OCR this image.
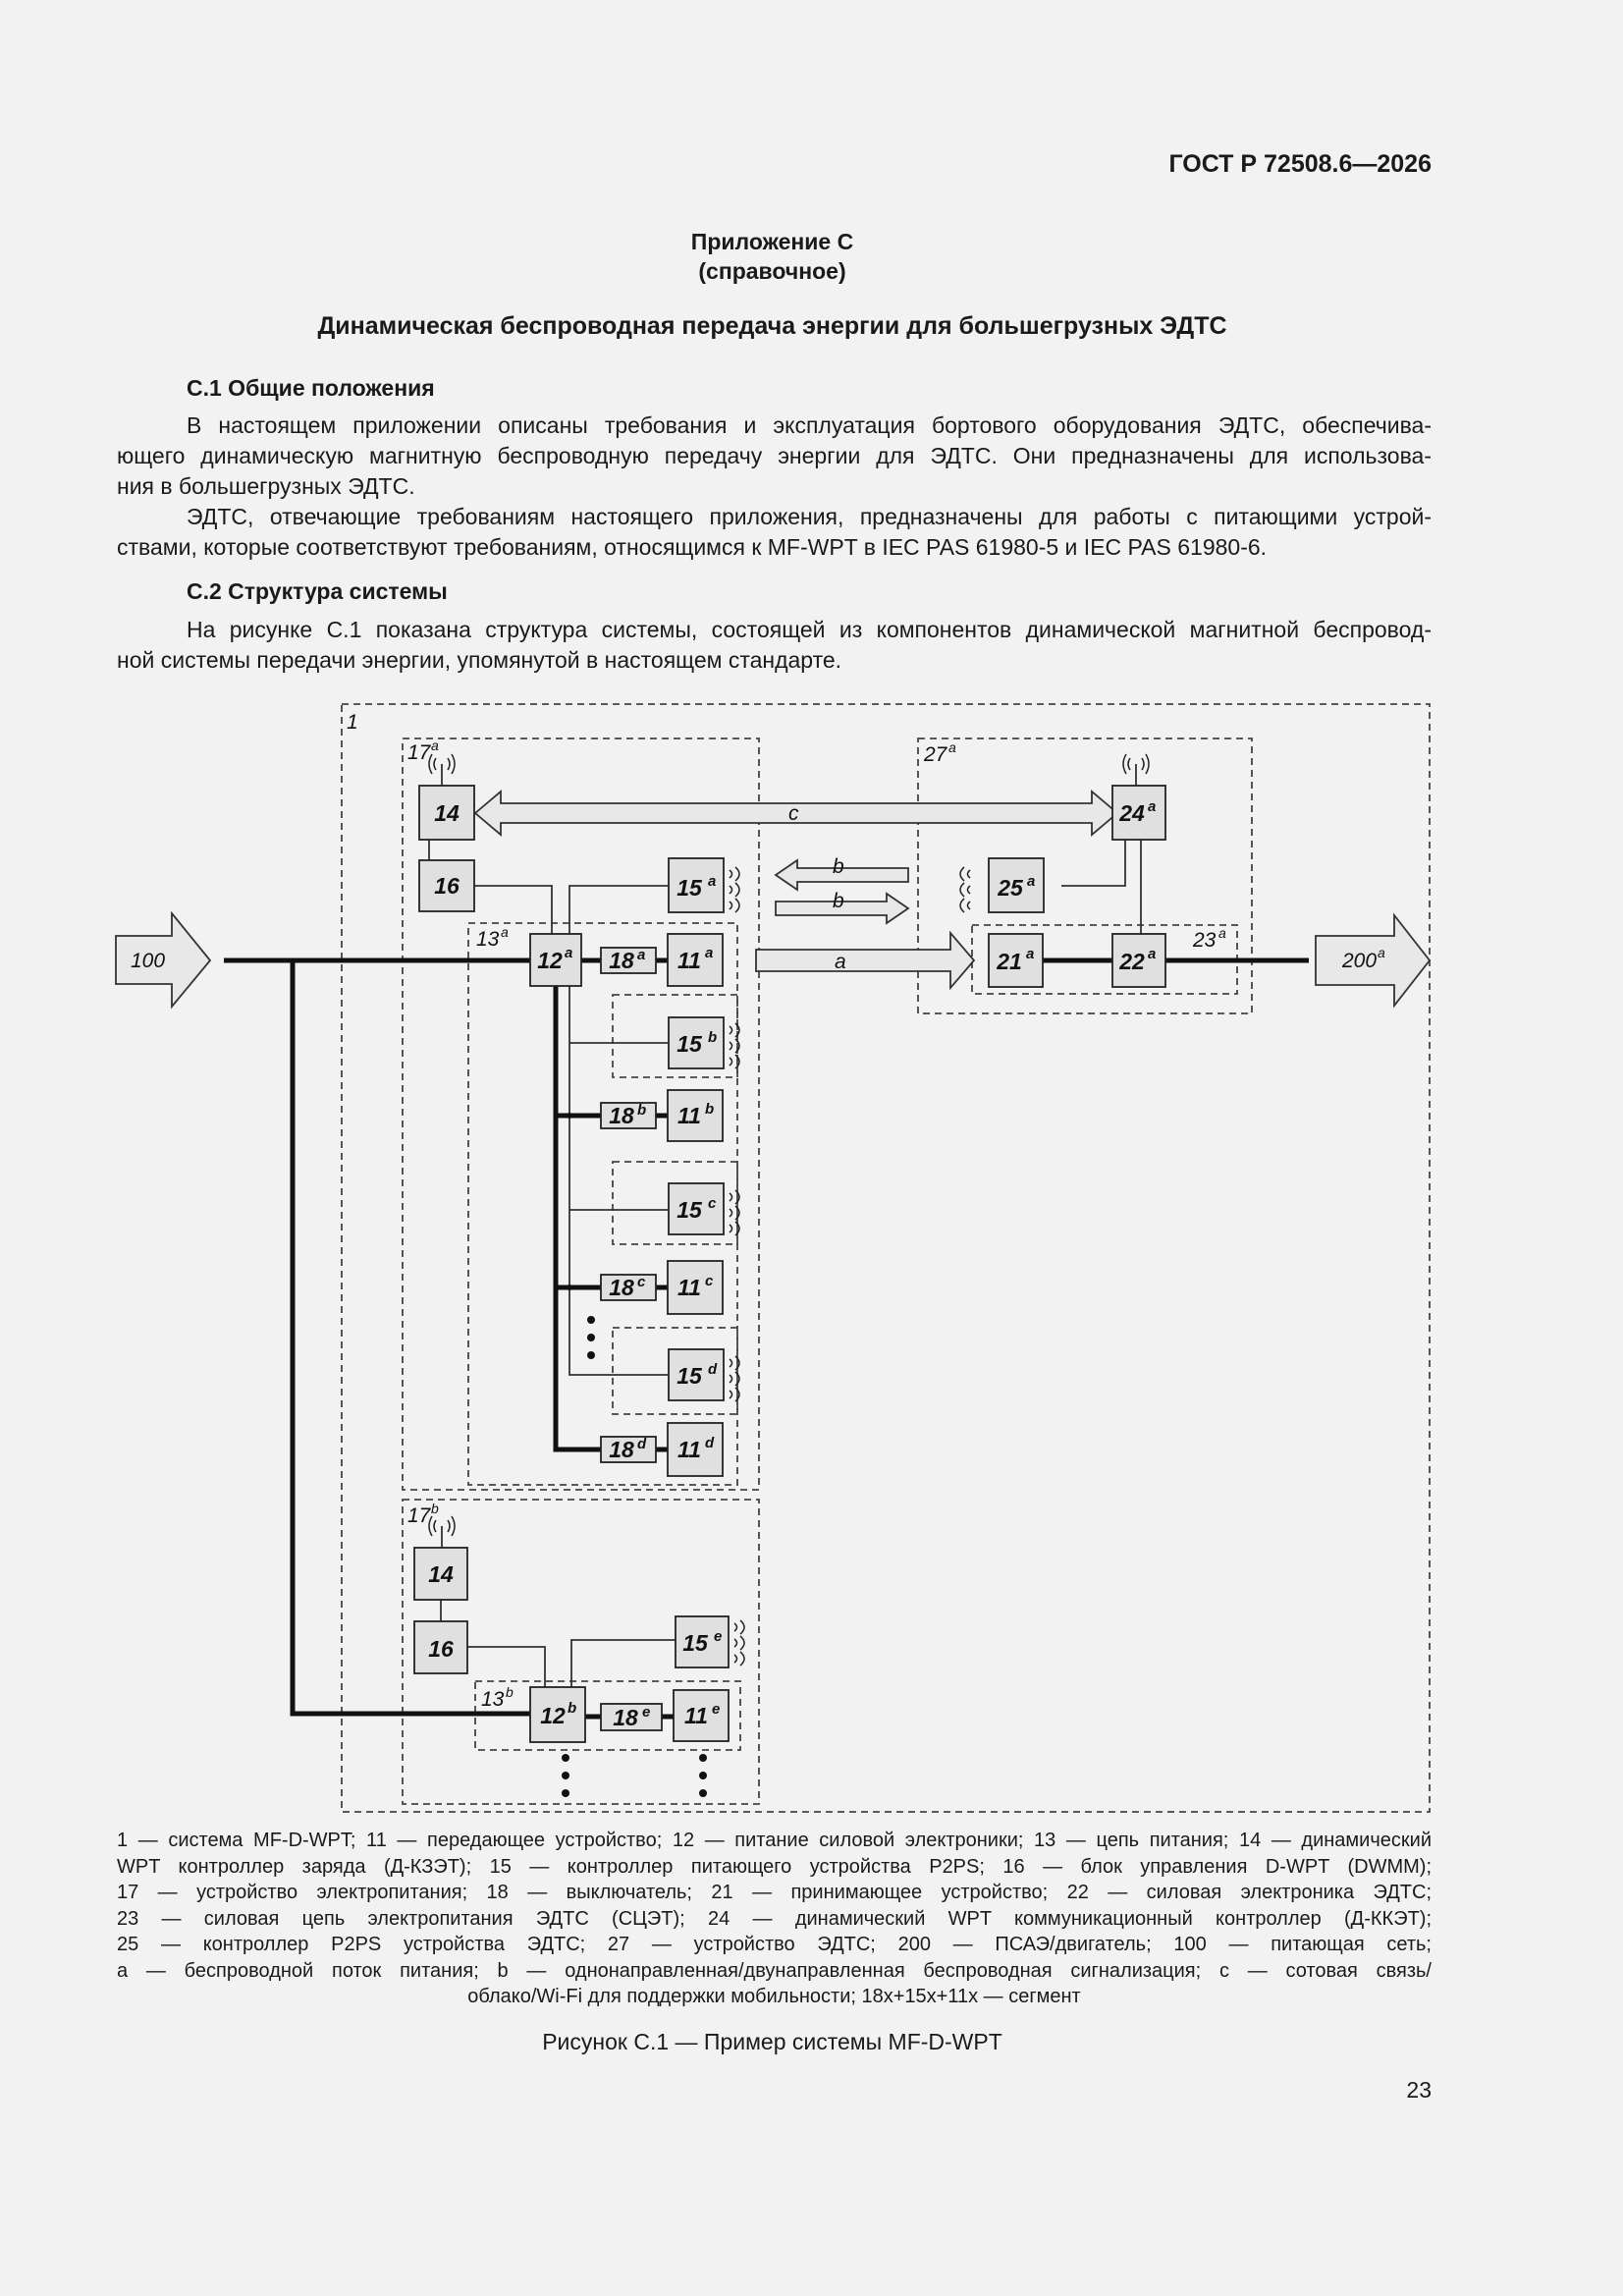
ГОСТ Р 72508.6—2026
Приложение С
(справочное)
Динамическая беспроводная передача энергии для большегрузных ЭДТС
С.1 Общие положения
В настоящем приложении описаны требования и эксплуатация бортового оборудования ЭДТС, обеспечива-
ющего динамическую магнитную беспроводную передачу энергии для ЭДТС. Они предназначены для использова-
ния в большегрузных ЭДТС.
ЭДТС, отвечающие требованиям настоящего приложения, предназначены для работы с питающими устрой-
ствами, которые соответствуют требованиям, относящимся к MF-WPT в IEC PAS 61980-5 и IEC PAS 61980-6.
С.2 Структура системы
На рисунке С.1 показана структура системы, состоящей из компонентов динамической магнитной беспровод-
ной системы передачи энергии, упомянутой в настоящем стандарте.
1
17 a
13 a
17 b
13 b
27 a
23 a
100	200 a
c
b
b
a
14
16	15 a
12 a 18 a 11 a
15 b
18 b 11 b
15 c
18 c 11 c
15 d
18 d 11 d
14
16	15 e
12 b 18 e 11 e
24 a
25 a
21 a	22 a
1 — система MF-D-WPT; 11 — передающее устройство; 12 — питание силовой электроники; 13 — цепь питания; 14 — динамический
WPT контроллер заряда (Д-КЗЭТ); 15 — контроллер питающего устройства P2PS; 16 — блок управления D-WPT (DWMM);
17 — устройство электропитания; 18 — выключатель; 21 — принимающее устройство; 22 — силовая электроника ЭДТС;
23 — силовая цепь электропитания ЭДТС (СЦЭТ); 24 — динамический WPT коммуникационный контроллер (Д-ККЭТ);
25 — контроллер P2PS устройства ЭДТС; 27 — устройство ЭДТС; 200 — ПСАЭ/двигатель; 100 — питающая сеть;
a — беспроводной поток питания; b — однонаправленная/двунаправленная беспроводная сигнализация; c — сотовая связь/
облако/Wi-Fi для поддержки мобильности; 18x+15x+11x — сегмент
Рисунок С.1 — Пример системы MF-D-WPT
23
